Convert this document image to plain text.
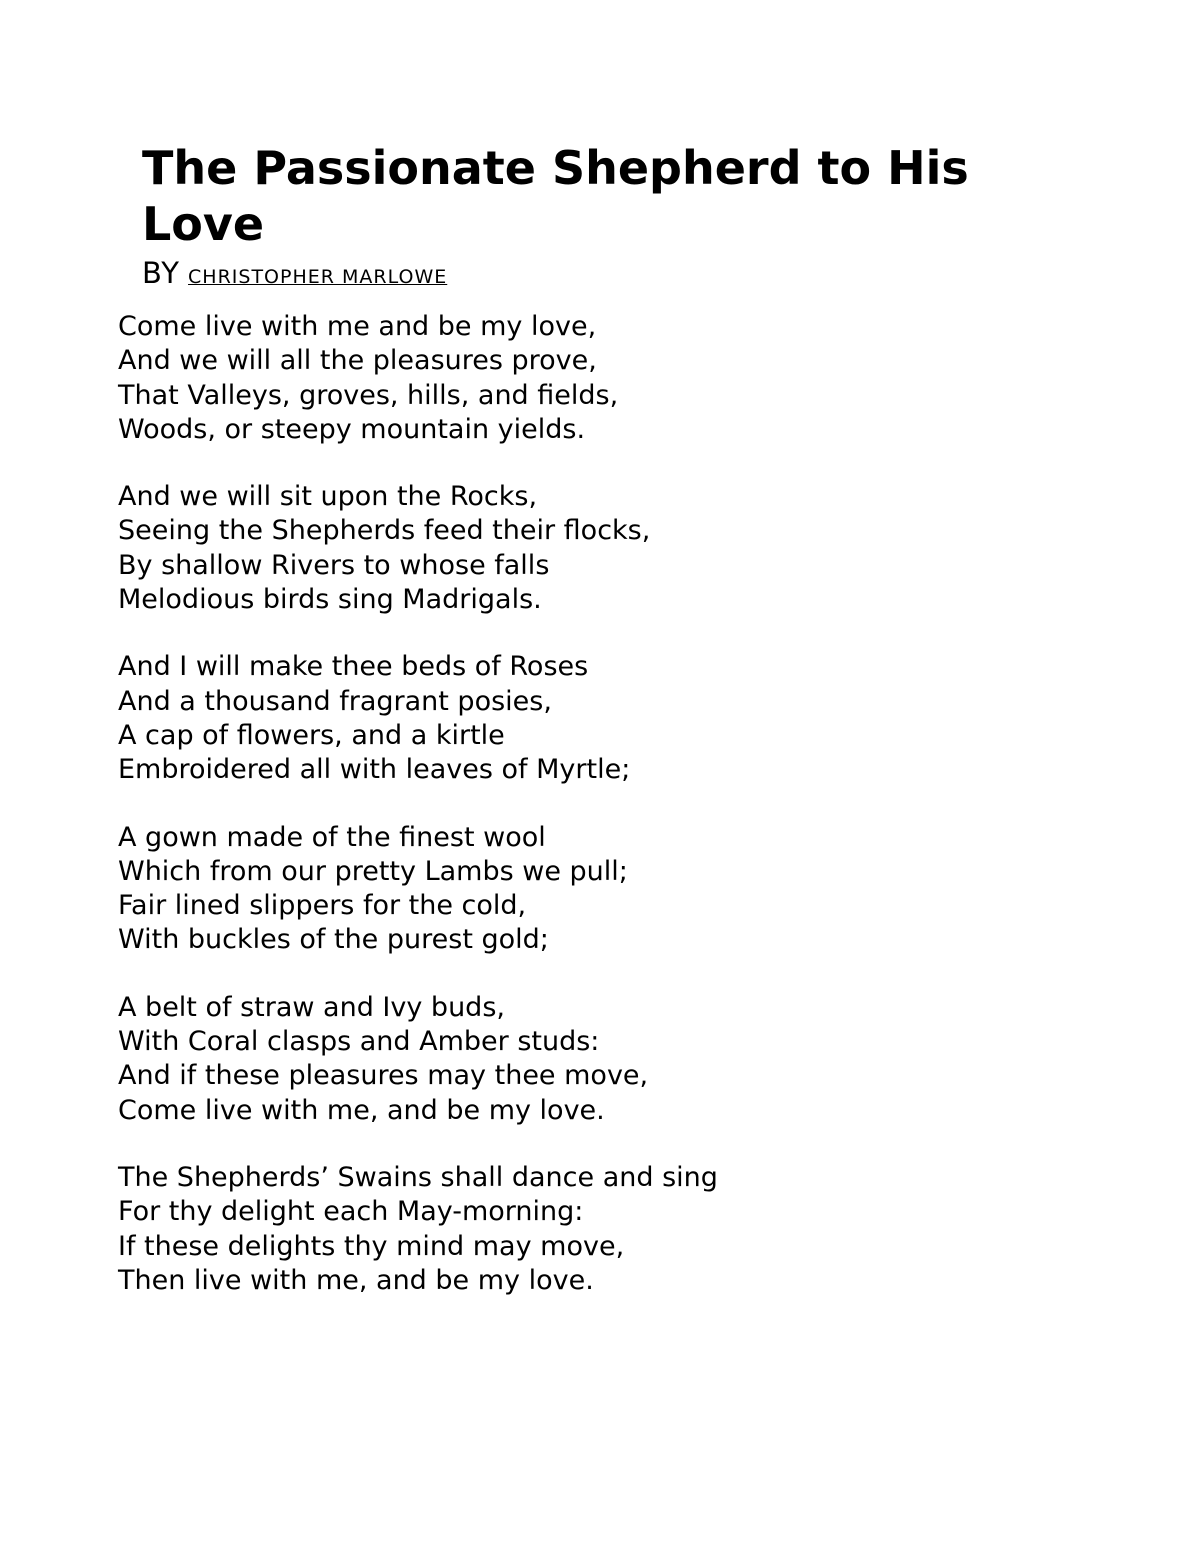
The Passionate Shepherd to His Love

BY CHRISTOPHER MARLOWE

Come live with me and be my love,
And we will all the pleasures prove,
That Valleys, groves, hills, and fields,
Woods, or steepy mountain yields.
And we will sit upon the Rocks,
Seeing the Shepherds feed their flocks,
By shallow Rivers to whose falls
Melodious birds sing Madrigals.
And I will make thee beds of Roses
And a thousand fragrant posies,
A cap of flowers, and a kirtle
Embroidered all with leaves of Myrtle;
A gown made of the finest wool
Which from our pretty Lambs we pull;
Fair lined slippers for the cold,
With buckles of the purest gold;
A belt of straw and Ivy buds,
With Coral clasps and Amber studs:
And if these pleasures may thee move,
Come live with me, and be my love.
The Shepherds’ Swains shall dance and sing
For thy delight each May-morning:
If these delights thy mind may move,
Then live with me, and be my love.
